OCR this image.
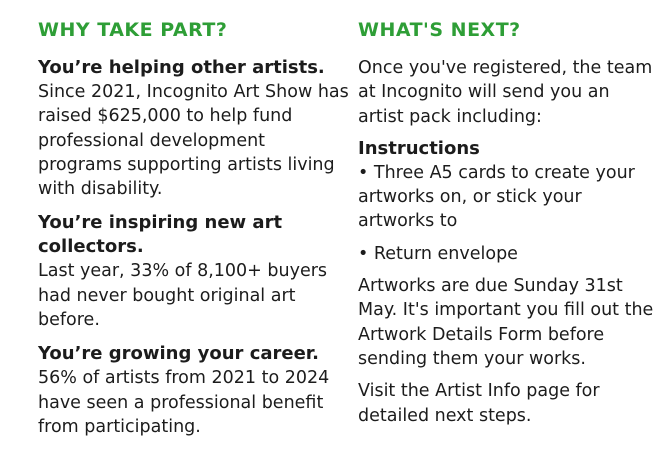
WHY TAKE PART?
You’re helping other artists.
Since 2021, Incognito Art Show has raised $625,000 to help fund professional development programs supporting artists living with disability.
You’re inspiring new art collectors.
Last year, 33% of 8,100+ buyers had never bought original art before.
You’re growing your career.
56% of artists from 2021 to 2024 have seen a professional benefit from participating.
WHAT'S NEXT?
Once you've registered, the team at Incognito will send you an artist pack including:
Instructions
• Three A5 cards to create your artworks on, or stick your artworks to
• Return envelope
Artworks are due Sunday 31st May. It's important you fill out the Artwork Details Form before sending them your works.
Visit the Artist Info page for detailed next steps.
